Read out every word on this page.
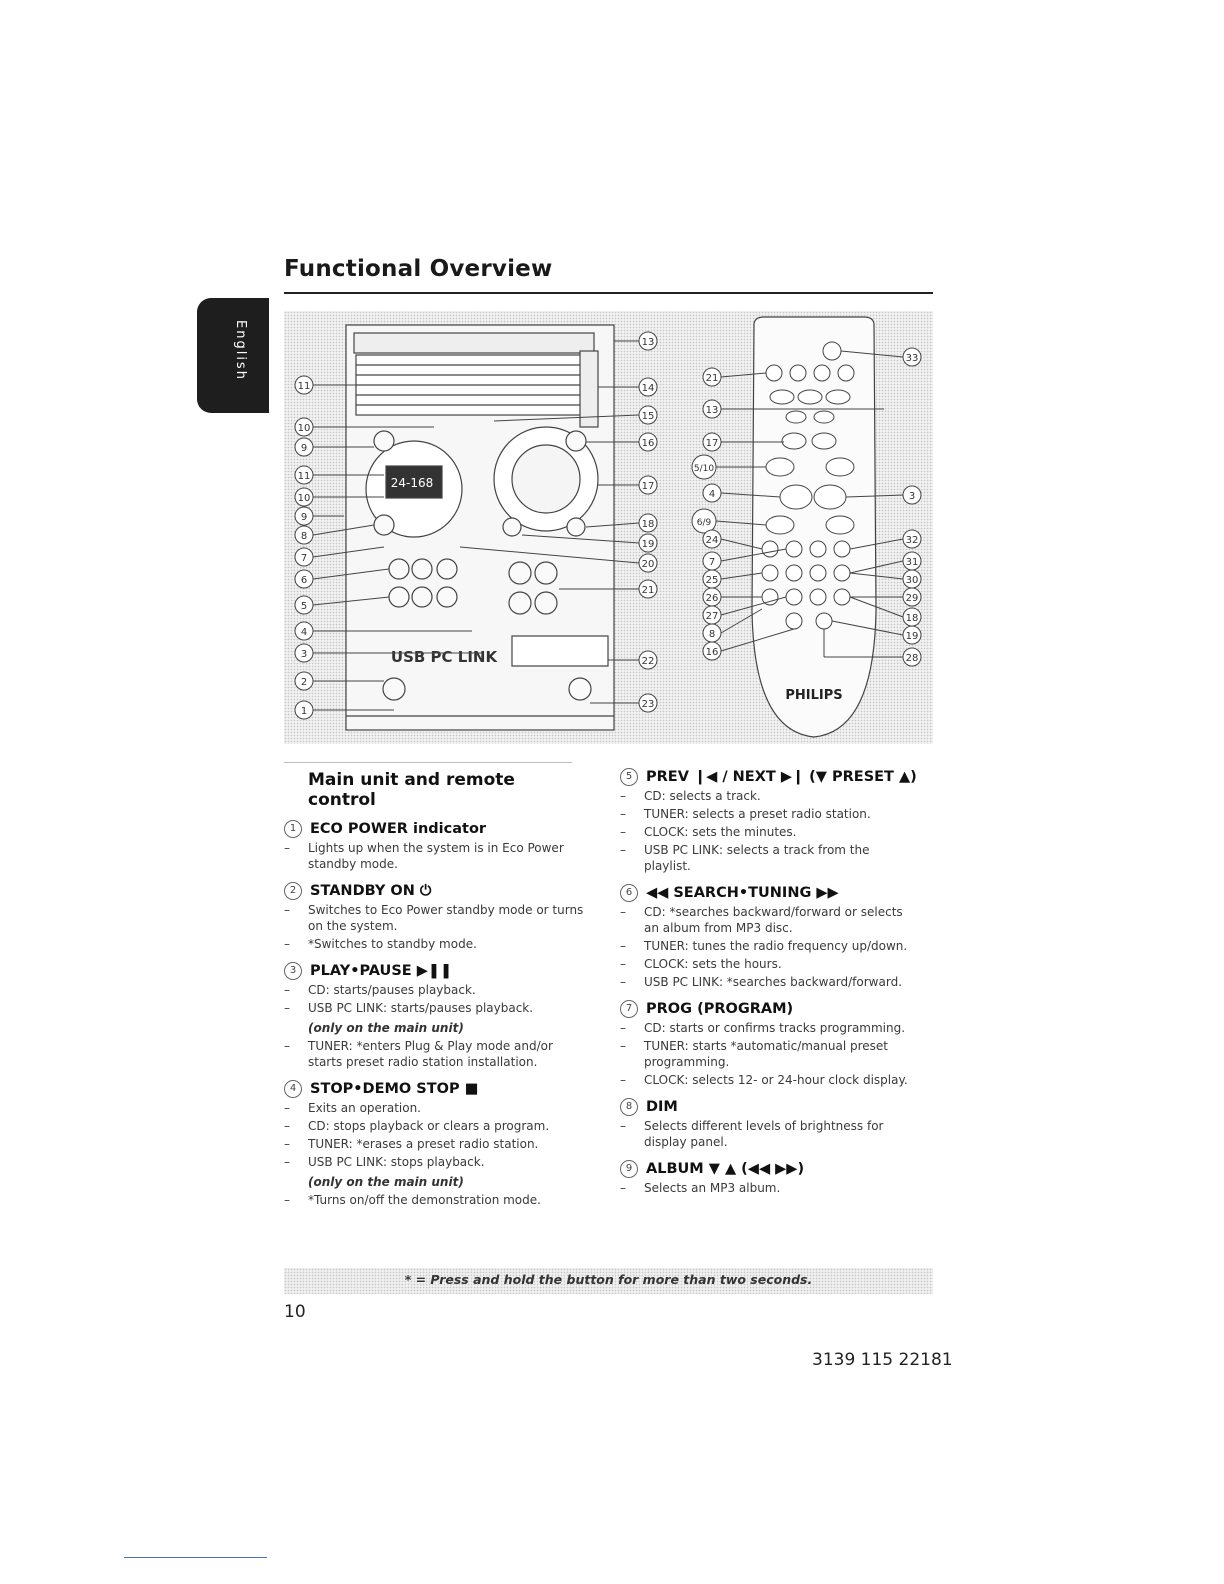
English
Functional Overview
24-168
USB PC LINK
11
10
9
11
10
9
8
7
6
5
4
3
2
1
13
14
15
16
17
18
19
20
21
22
23
PHILIPS
21
13
17
5/10
4
6/9
24
7
25
26
27
8
16
33
3
32
31
30
29
18
19
28
Main unit and remote control
1 ECO POWER indicator
–	Lights up when the system is in Eco Power standby mode.
2 STANDBY ON ⏻
–	Switches to Eco Power standby mode or turns on the system.
–	*Switches to standby mode.
3 PLAY•PAUSE ▶❚❚
–	CD: starts/pauses playback.
–	USB PC LINK: starts/pauses playback.
(only on the main unit)
–	TUNER: *enters Plug & Play mode and/or starts preset radio station installation.
4 STOP•DEMO STOP ■
–	Exits an operation.
–	CD: stops playback or clears a program.
–	TUNER: *erases a preset radio station.
–	USB PC LINK: stops playback.
(only on the main unit)
–	*Turns on/off the demonstration mode.
5 PREV ❙◀ / NEXT ▶❙ (▼ PRESET ▲)
–	CD: selects a track.
–	TUNER: selects a preset radio station.
–	CLOCK: sets the minutes.
–	USB PC LINK: selects a track from the playlist.
6 ◀◀ SEARCH•TUNING ▶▶
–	CD: *searches backward/forward or selects an album from MP3 disc.
–	TUNER: tunes the radio frequency up/down.
–	CLOCK: sets the hours.
–	USB PC LINK: *searches backward/forward.
7 PROG (PROGRAM)
–	CD: starts or confirms tracks programming.
–	TUNER: starts *automatic/manual preset programming.
–	CLOCK: selects 12- or 24-hour clock display.
8 DIM
–	Selects different levels of brightness for display panel.
9 ALBUM ▼ ▲ (◀◀ ▶▶)
–	Selects an MP3 album.
* = Press and hold the button for more than two seconds.
10
3139 115 22181
